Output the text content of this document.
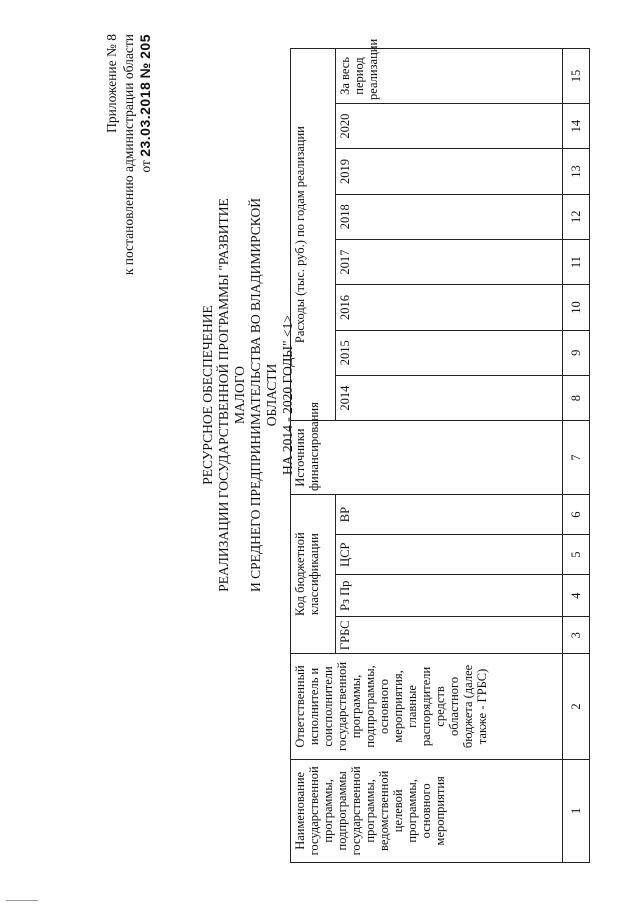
Приложение № 8 к постановлению администрации области от 23.03.2018 № 205
РЕСУРСНОЕ ОБЕСПЕЧЕНИЕ РЕАЛИЗАЦИИ ГОСУДАРСТВЕННОЙ ПРОГРАММЫ "РАЗВИТИЕ МАЛОГО И СРЕДНЕГО ПРЕДПРИНИМАТЕЛЬСТВА ВО ВЛАДИМИРСКОЙ ОБЛАСТИ НА 2014 - 2020 ГОДЫ" <1>
Наименование государственной программы, подпрограммы государственной программы, ведомственной целевой программы, основного мероприятия	Ответственный исполнитель и соисполнители государственной программы, подпрограммы, основного мероприятия, главные распорядители средств областного бюджета (далее также - ГРБС)	Код бюджетной классификации				Источники финансирования	Расходы (тыс. руб.) по годам реализации							
		ГРБС	Рз Пр	ЦСР	ВР		2014	2015	2016	2017	2018	2019	2020	За весь период реализации

1	2	3	4	5	6	7	8	9	10	11	12	13	14	15
